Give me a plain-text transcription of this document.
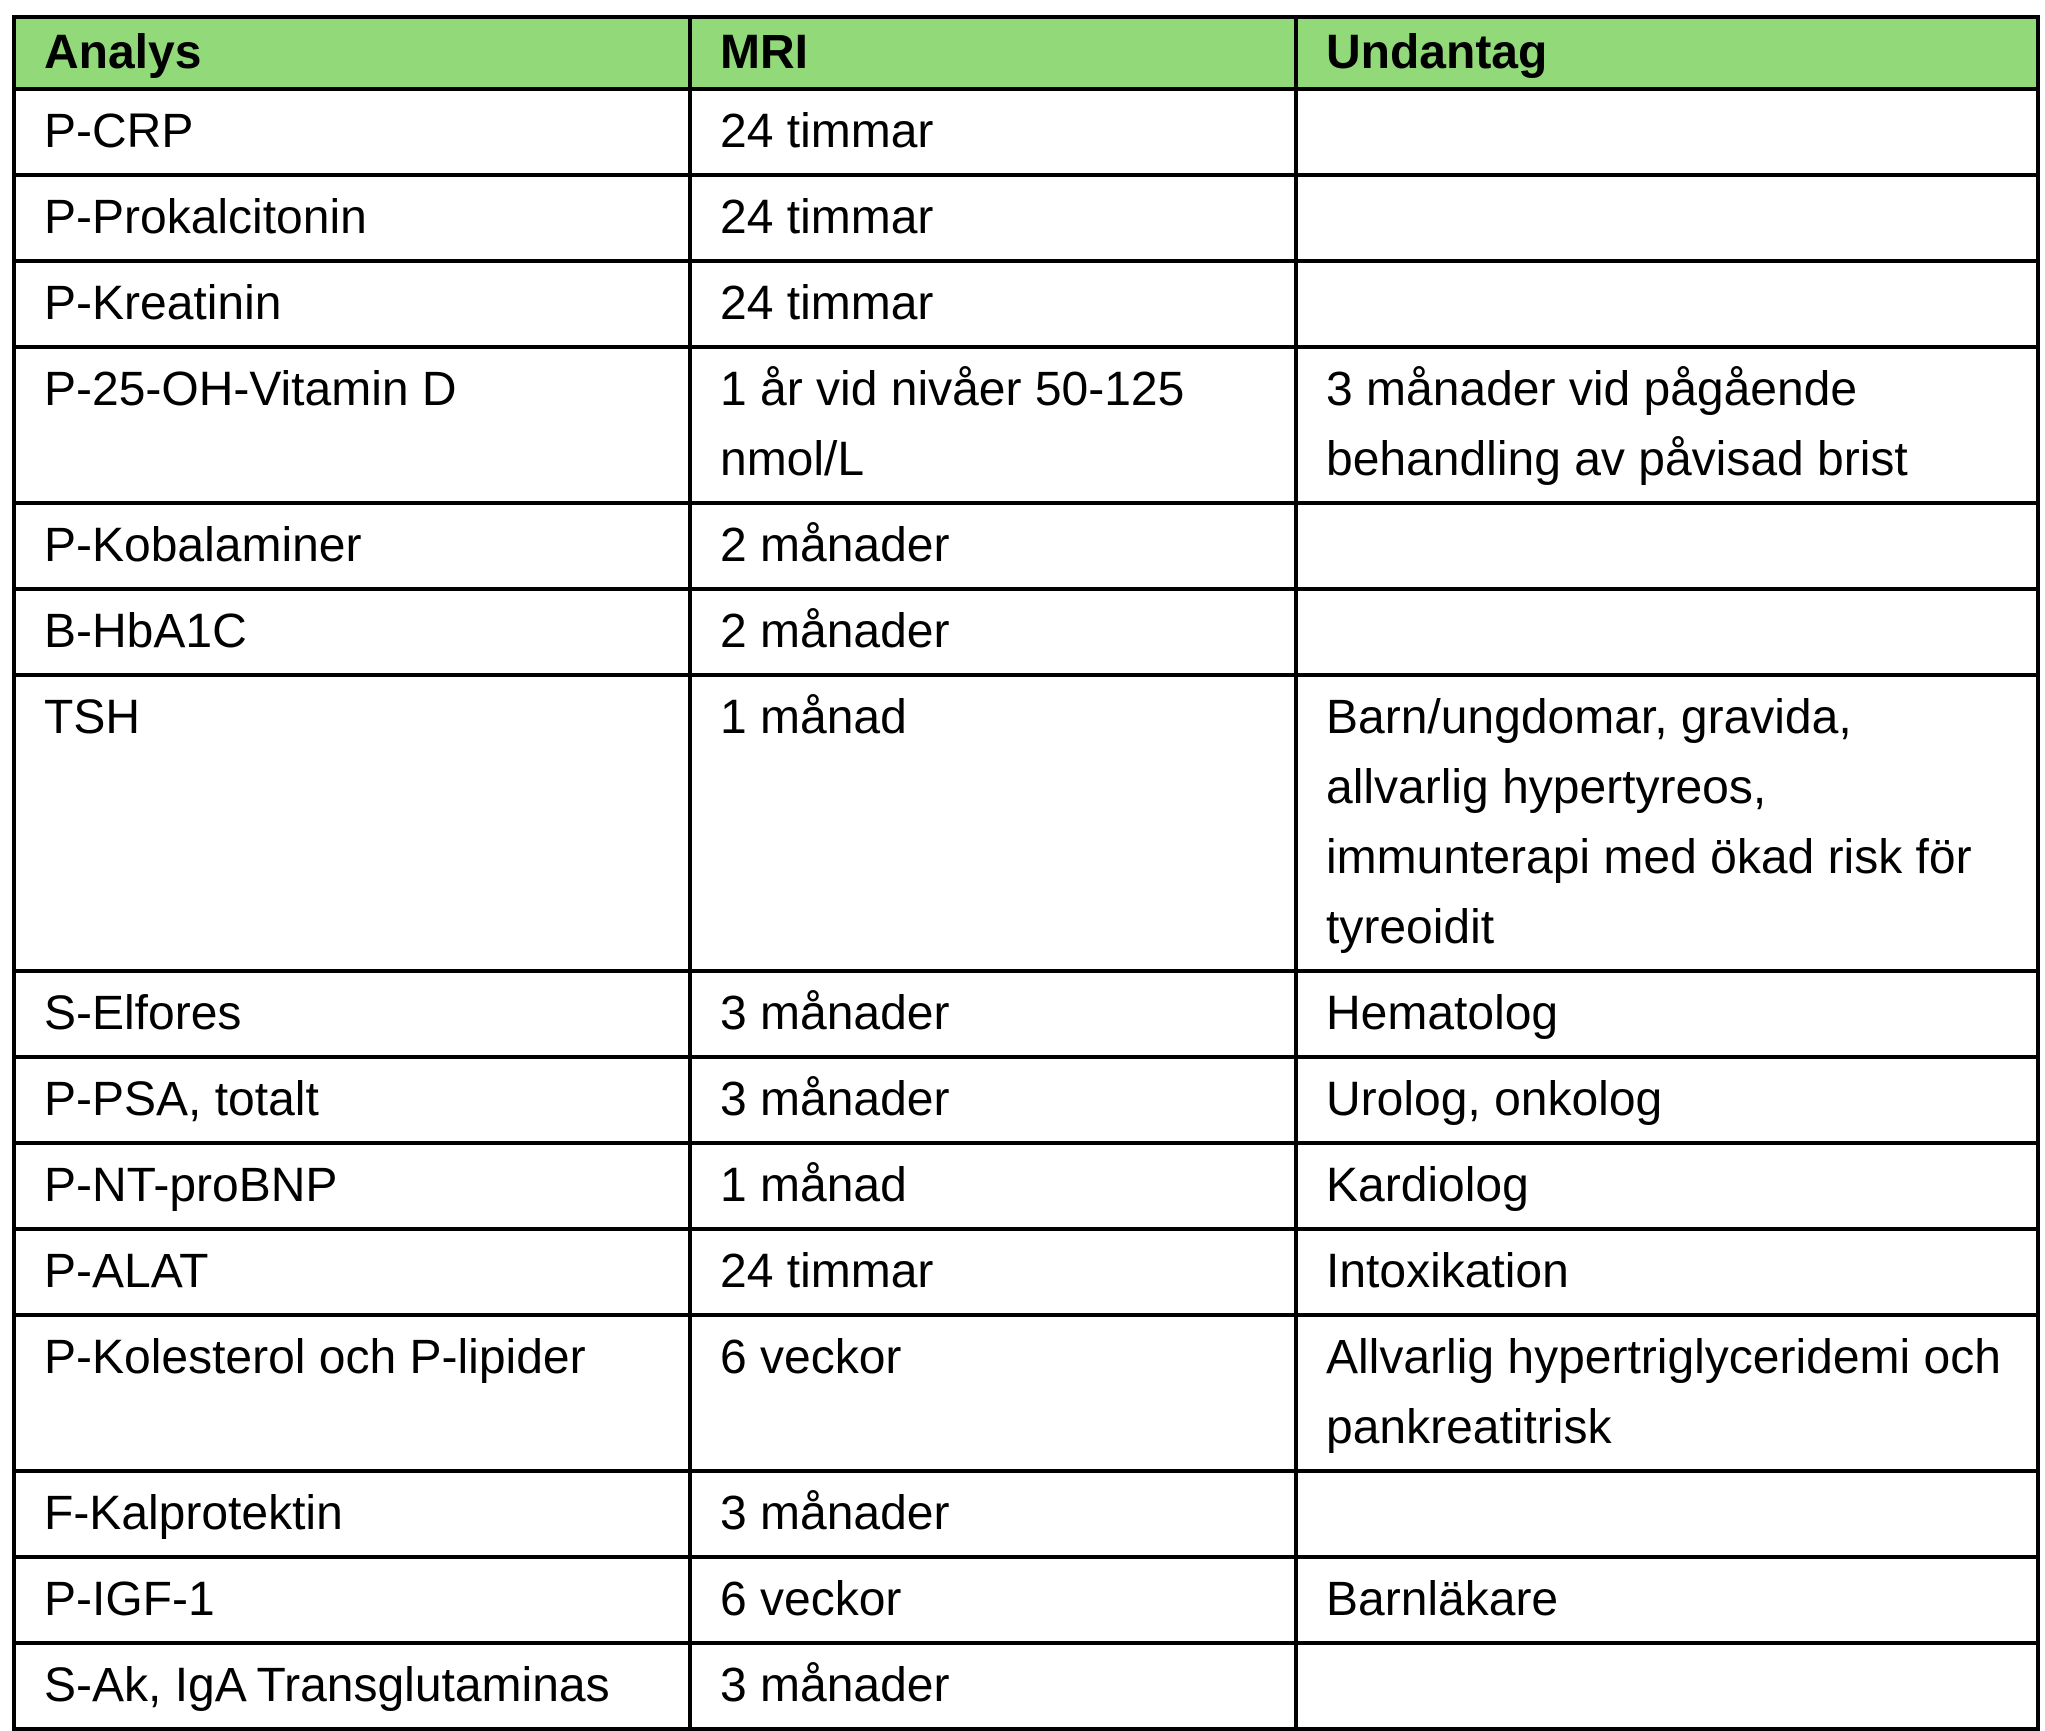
Analys	MRI	Undantag
P-CRP	24 timmar	
P-Prokalcitonin	24 timmar	
P-Kreatinin	24 timmar	
P-25-OH-Vitamin D	1 år vid nivåer 50-125 nmol/L	3 månader vid pågående behandling av påvisad brist
P-Kobalaminer	2 månader	
B-HbA1C	2 månader	
TSH	1 månad	Barn/ungdomar, gravida, allvarlig hypertyreos, immunterapi med ökad risk för tyreoidit
S-Elfores	3 månader	Hematolog
P-PSA, totalt	3 månader	Urolog, onkolog
P-NT-proBNP	1 månad	Kardiolog
P-ALAT	24 timmar	Intoxikation
P-Kolesterol och P-lipider	6 veckor	Allvarlig hypertriglyceridemi och pankreatitrisk
F-Kalprotektin	3 månader	
P-IGF-1	6 veckor	Barnläkare
S-Ak, IgA Transglutaminas	3 månader	
